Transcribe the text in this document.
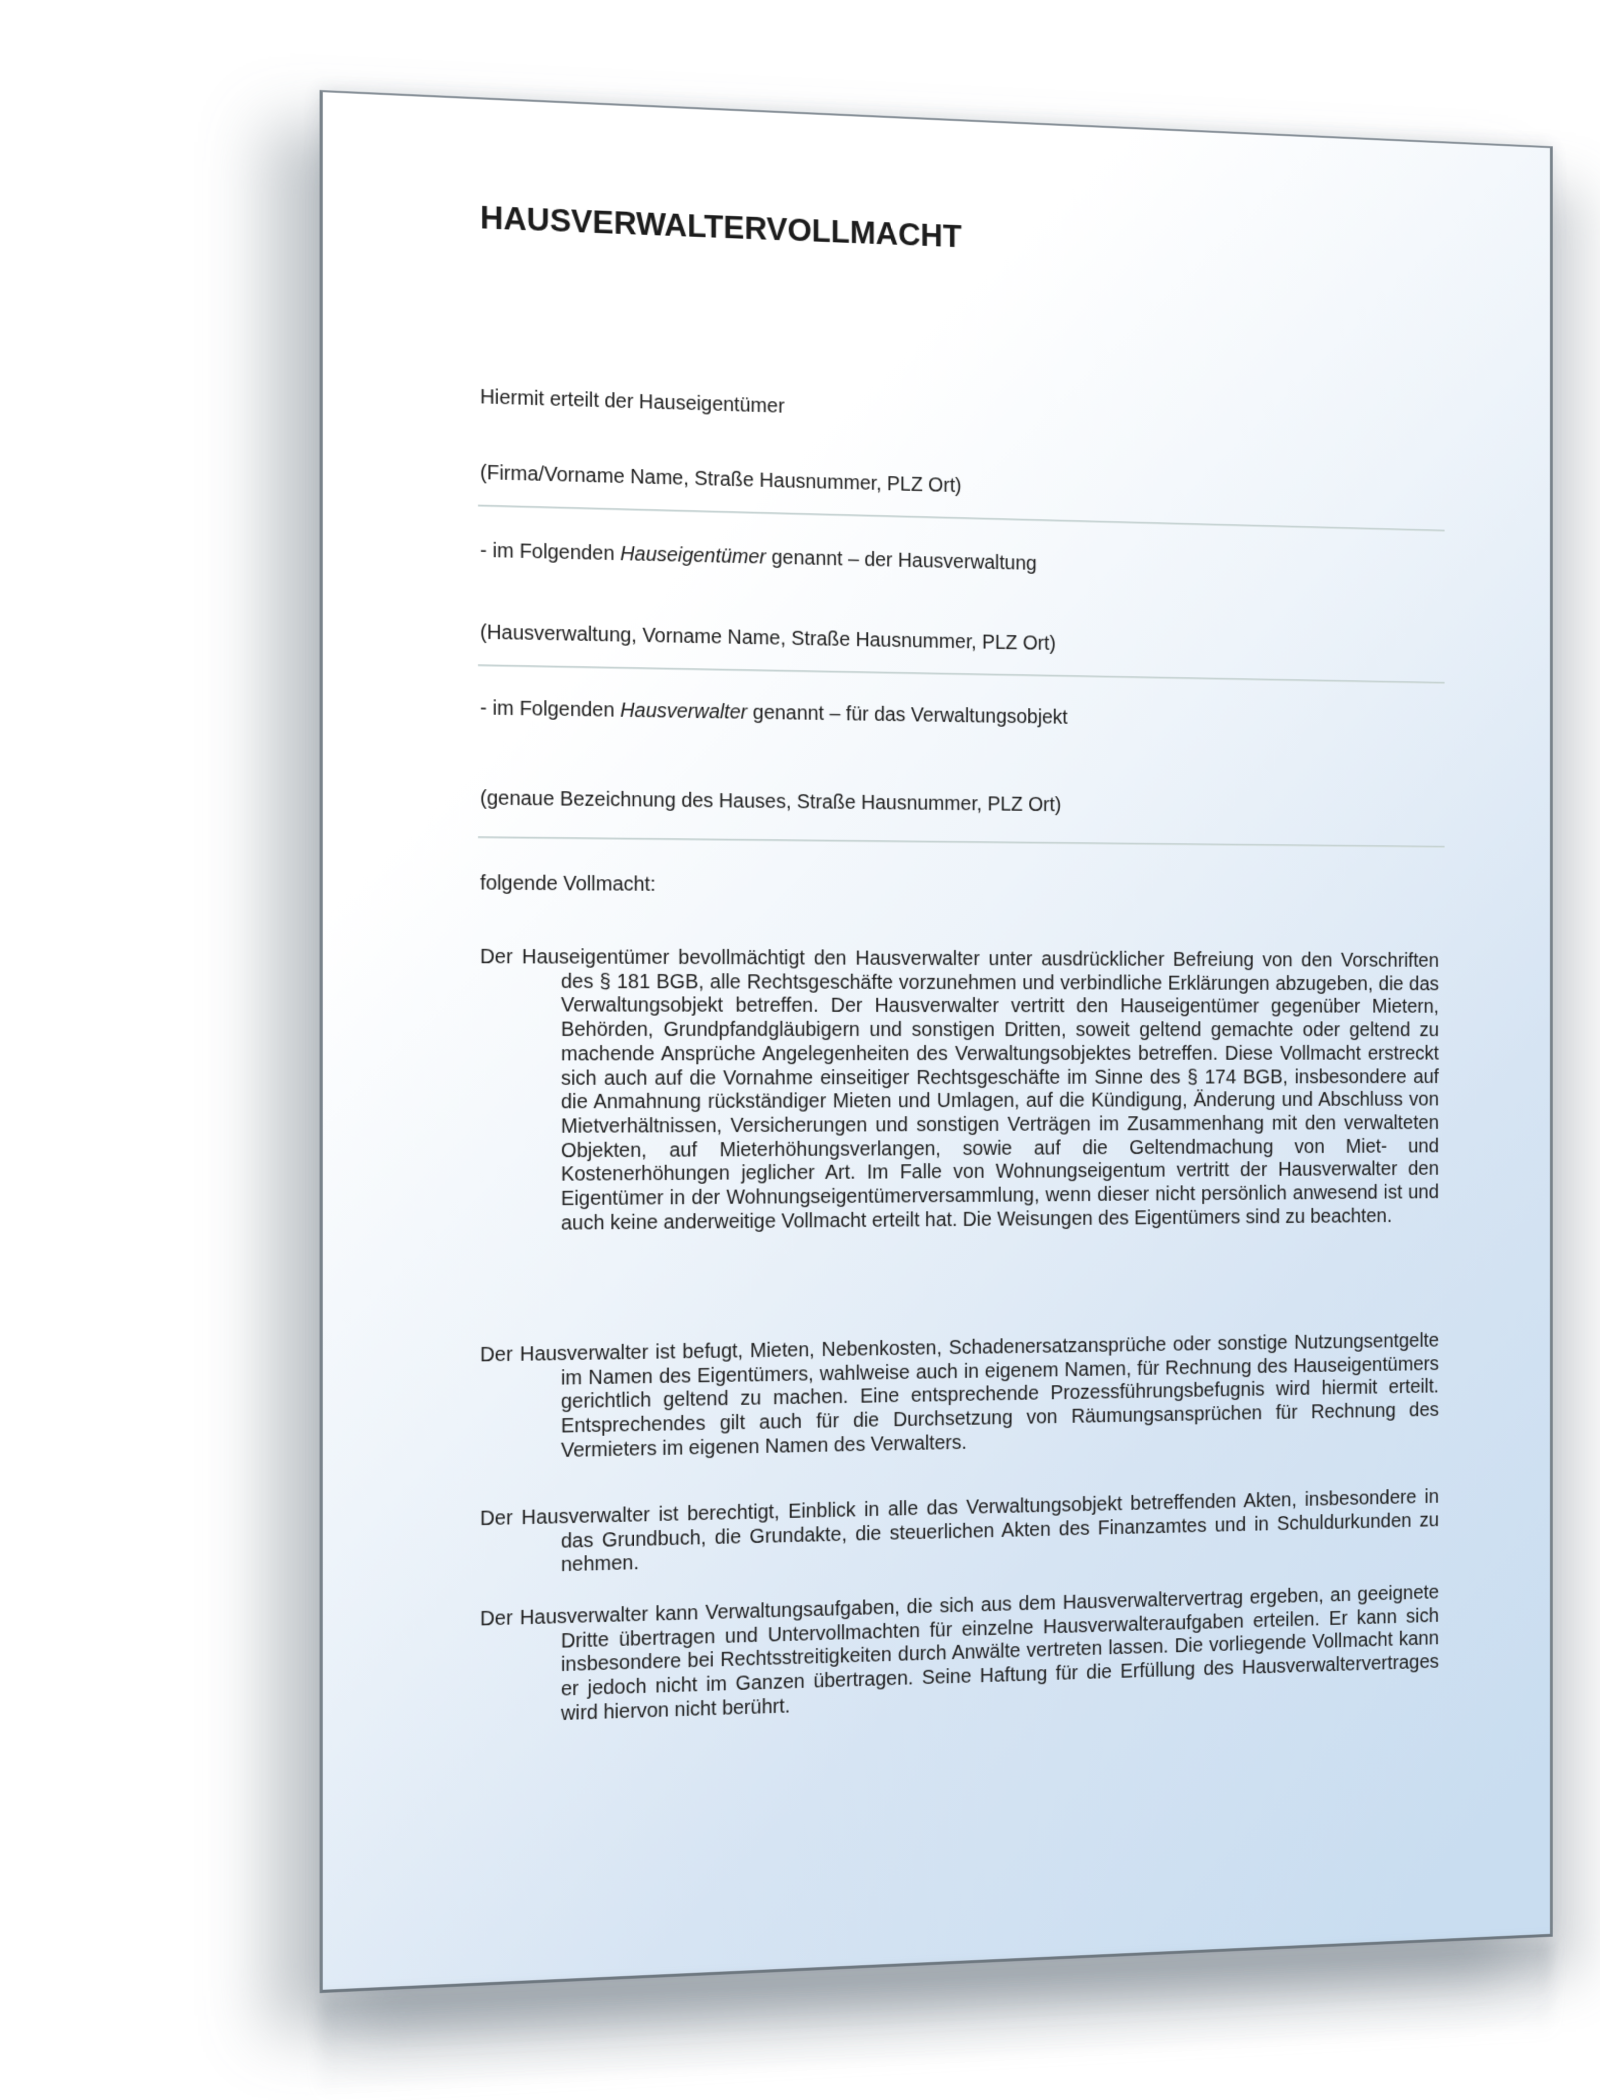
HAUSVERWALTERVOLLMACHT
Hiermit erteilt der Hauseigentümer
(Firma/Vorname Name, Straße Hausnummer, PLZ Ort)
- im Folgenden Hauseigentümer genannt – der Hausverwaltung
(Hausverwaltung, Vorname Name, Straße Hausnummer, PLZ Ort)
- im Folgenden Hausverwalter genannt – für das Verwaltungsobjekt
(genaue Bezeichnung des Hauses, Straße Hausnummer, PLZ Ort)
folgende Vollmacht:

Der Hauseigentümer bevollmächtigt den Hausverwalter unter ausdrücklicher Befreiung von den Vorschriften des § 181 BGB, alle Rechtsgeschäfte vorzunehmen und verbindliche Erklärungen abzugeben, die das Verwaltungsobjekt betreffen. Der Hausverwalter vertritt den Hauseigentümer gegenüber Mietern, Behörden, Grundpfandgläubigern und sonstigen Dritten, soweit geltend gemachte oder geltend zu machende Ansprüche Angelegenheiten des Verwaltungsobjektes betreffen. Diese Vollmacht erstreckt sich auch auf die Vornahme einseitiger Rechtsgeschäfte im Sinne des § 174 BGB, insbesondere auf die Anmahnung rückständiger Mieten und Umlagen, auf die Kündigung, Änderung und Abschluss von Mietverhältnissen, Versicherungen und sonstigen Verträgen im Zusammenhang mit den verwalteten Objekten, auf Mieterhöhungsverlangen, sowie auf die Geltendmachung von Miet- und Kostenerhöhungen jeglicher Art. Im Falle von Wohnungseigentum vertritt der Hausverwalter den Eigentümer in der Wohnungseigentümerversammlung, wenn dieser nicht persönlich anwesend ist und auch keine anderweitige Vollmacht erteilt hat. Die Weisungen des Eigentümers sind zu beachten.

Der Hausverwalter ist befugt, Mieten, Nebenkosten, Schadenersatzansprüche oder sonstige Nutzungsentgelte im Namen des Eigentümers, wahlweise auch in eigenem Namen, für Rechnung des Hauseigentümers gerichtlich geltend zu machen. Eine entsprechende Prozessführungsbefugnis wird hiermit erteilt. Entsprechendes gilt auch für die Durchsetzung von Räumungsansprüchen für Rechnung des Vermieters im eigenen Namen des Verwalters.

Der Hausverwalter ist berechtigt, Einblick in alle das Verwaltungsobjekt betreffenden Akten, insbesondere in das Grundbuch, die Grundakte, die steuerlichen Akten des Finanzamtes und in Schuldurkunden zu nehmen.

Der Hausverwalter kann Verwaltungsaufgaben, die sich aus dem Hausverwaltervertrag ergeben, an geeignete Dritte übertragen und Untervollmachten für einzelne Hausverwalteraufgaben erteilen. Er kann sich insbesondere bei Rechtsstreitigkeiten durch Anwälte vertreten lassen. Die vorliegende Vollmacht kann er jedoch nicht im Ganzen übertragen. Seine Haftung für die Erfüllung des Hausverwaltervertrages wird hiervon nicht berührt.
